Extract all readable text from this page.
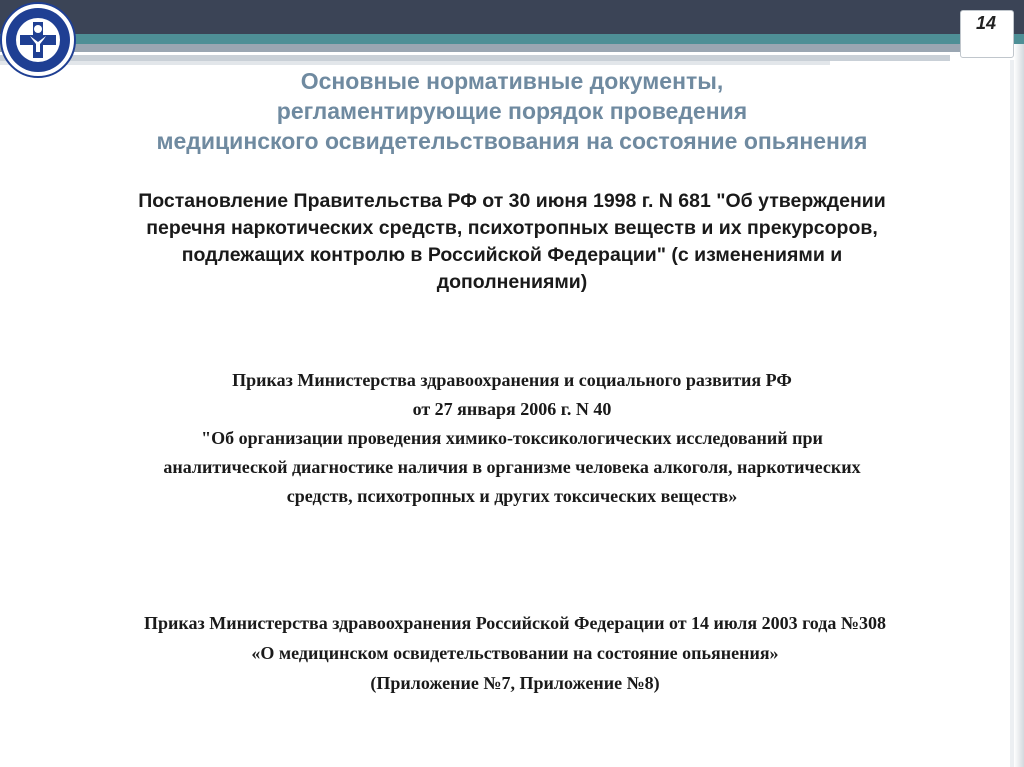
14
Основные нормативные документы,
регламентирующие порядок проведения
медицинского освидетельствования на состояние опьянения
Постановление Правительства РФ от 30 июня 1998 г. N 681 "Об утверждении
перечня наркотических средств, психотропных веществ и их прекурсоров,
подлежащих контролю в Российской Федерации" (с изменениями и
дополнениями)
Приказ Министерства здравоохранения и социального развития РФ
от 27 января 2006 г. N 40
"Об организации проведения химико-токсикологических исследований при
аналитической диагностике наличия в организме человека алкоголя, наркотических
средств, психотропных и других токсических веществ»
Приказ Министерства здравоохранения Российской Федерации от 14 июля 2003 года №308
«О медицинском освидетельствовании на состояние опьянения»
(Приложение №7, Приложение №8)
